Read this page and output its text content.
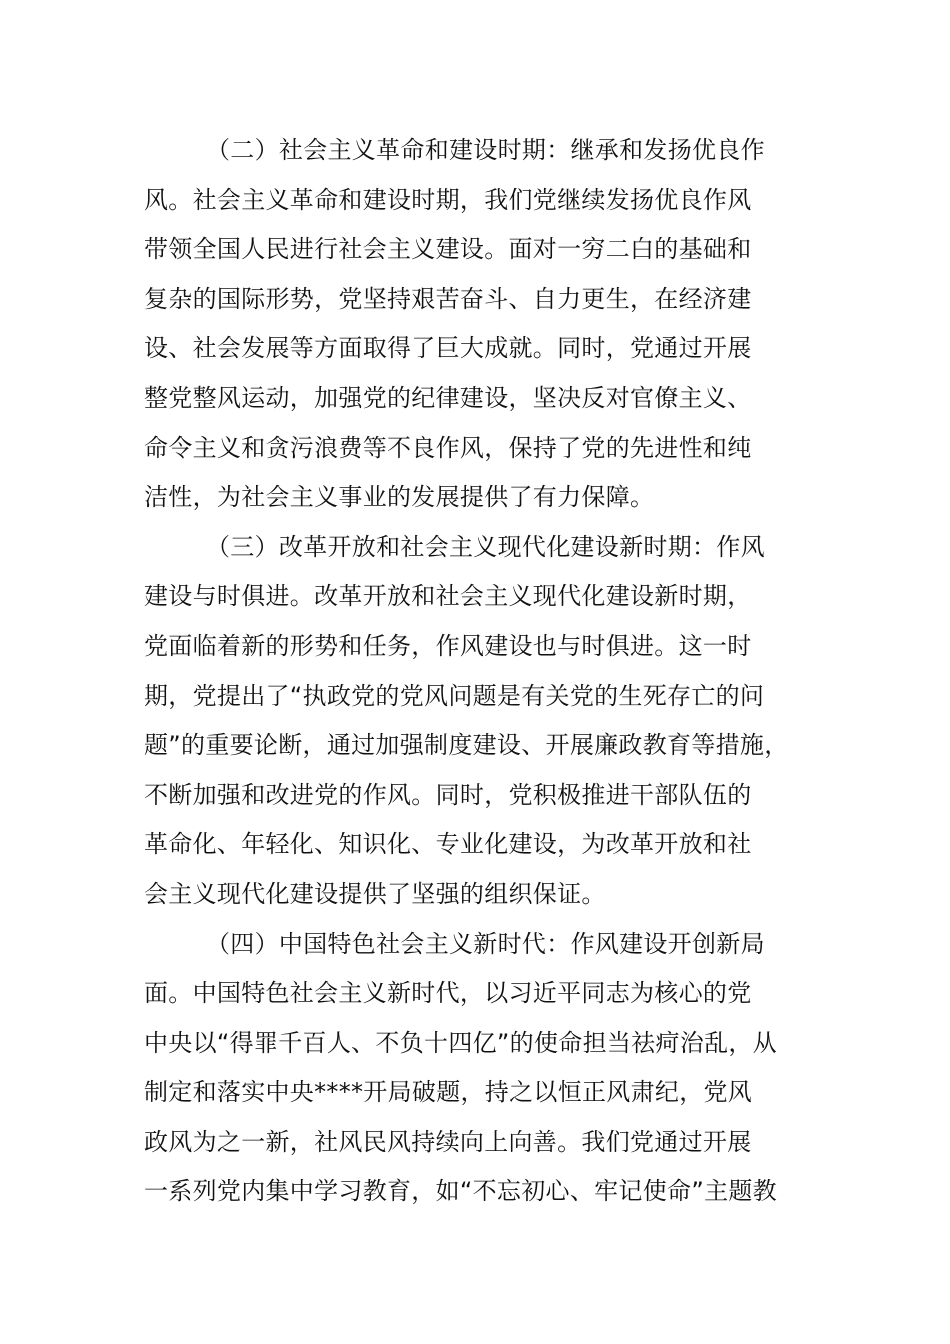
（二）社会主义革命和建设时期：继承和发扬优良作
风。社会主义革命和建设时期，我们党继续发扬优良作风
带领全国人民进行社会主义建设。面对一穷二白的基础和
复杂的国际形势，党坚持艰苦奋斗、自力更生，在经济建
设、社会发展等方面取得了巨大成就。同时，党通过开展
整党整风运动，加强党的纪律建设，坚决反对官僚主义、
命令主义和贪污浪费等不良作风，保持了党的先进性和纯
洁性，为社会主义事业的发展提供了有力保障。
（三）改革开放和社会主义现代化建设新时期：作风
建设与时俱进。改革开放和社会主义现代化建设新时期，
党面临着新的形势和任务，作风建设也与时俱进。这一时
期，党提出了“执政党的党风问题是有关党的生死存亡的问
题”的重要论断，通过加强制度建设、开展廉政教育等措施，
不断加强和改进党的作风。同时，党积极推进干部队伍的
革命化、年轻化、知识化、专业化建设，为改革开放和社
会主义现代化建设提供了坚强的组织保证。
（四）中国特色社会主义新时代：作风建设开创新局
面。中国特色社会主义新时代，以习近平同志为核心的党
中央以“得罪千百人、不负十四亿”的使命担当祛疴治乱，从
制定和落实中央****开局破题，持之以恒正风肃纪，党风
政风为之一新，社风民风持续向上向善。我们党通过开展
一系列党内集中学习教育，如“不忘初心、牢记使命”主题教
